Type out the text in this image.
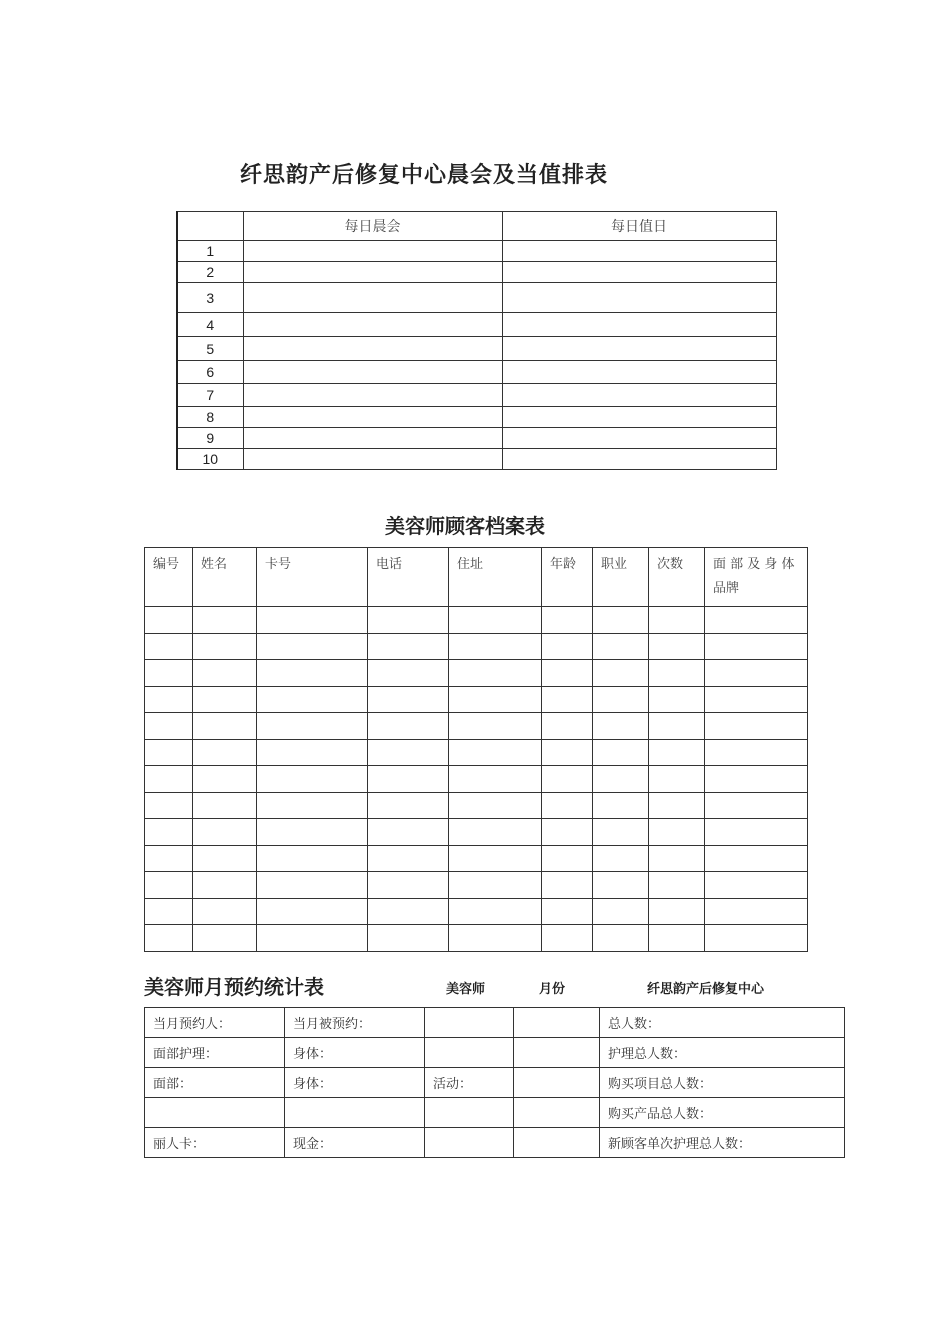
纤思韵产后修复中心晨会及当值排表
	每日晨会	每日值日
1		
2		
3		
4		
5		
6		
7		
8		
9		
10		
美容师顾客档案表
编号	姓名	卡号	电话	住址	年龄	职业	次数	面 部 及 身 体 品牌

美容师月预约统计表	美容师	月份	纤思韵产后修复中心
当月预约人：	当月被预约：			总人数：
面部护理：	身体：			护理总人数：
面部：	身体：	活动：		购买项目总人数：
				购买产品总人数：
丽人卡：	现金：			新顾客单次护理总人数：
